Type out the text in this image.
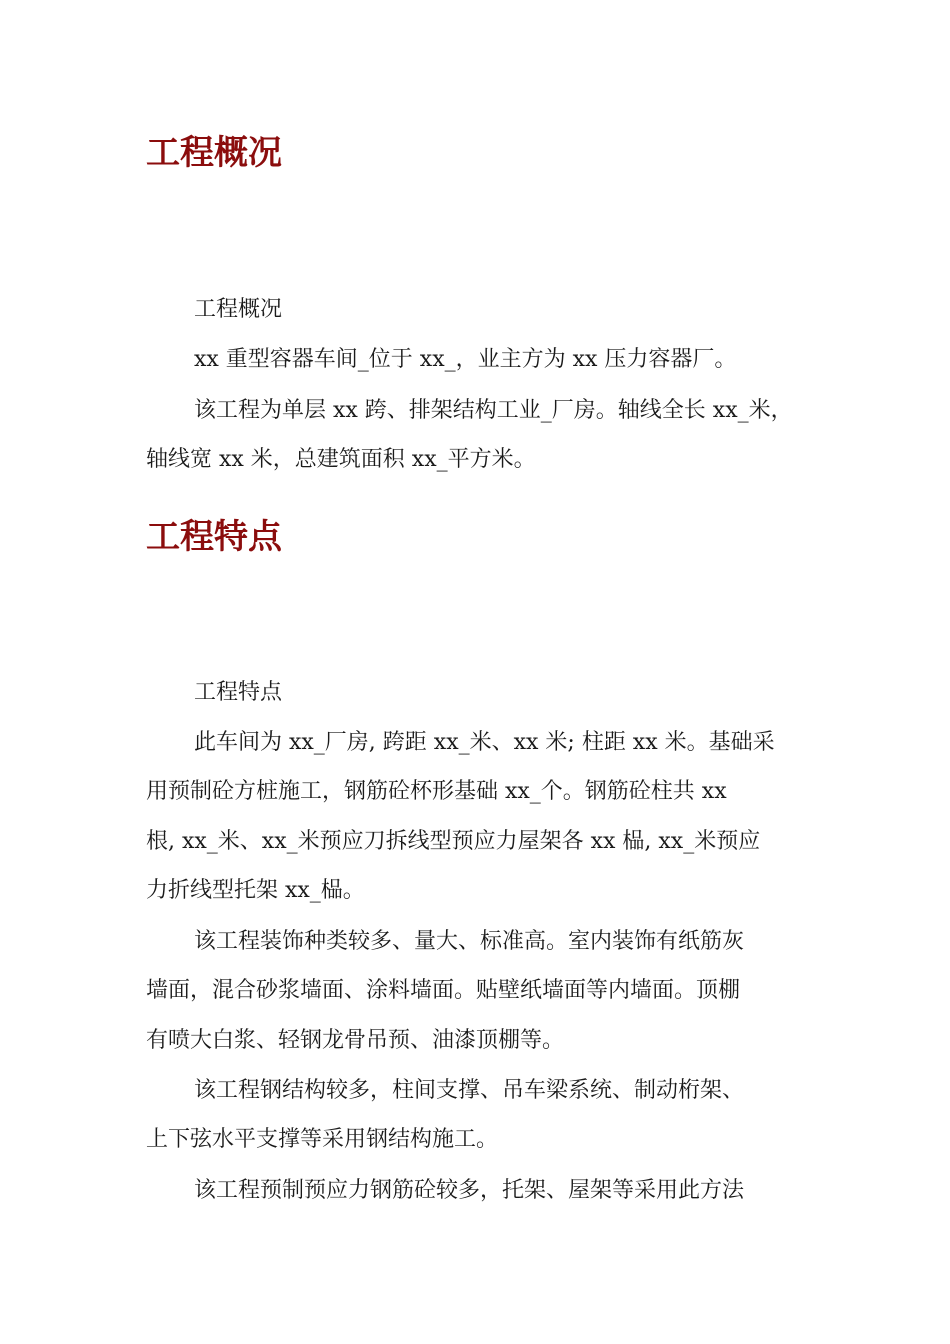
工程概况

工程概况

xx 重型容器车间_位于 xx_，业主方为 xx 压力容器厂。

该工程为单层 xx 跨、排架结构工业_厂房。轴线全长 xx_米，

轴线宽 xx 米，总建筑面积 xx_平方米。

工程特点

工程特点

此车间为 xx_厂房, 跨距 xx_米、xx 米; 柱距 xx 米。基础采

用预制砼方桩施工，钢筋砼杯形基础 xx_个。钢筋砼柱共 xx

根, xx_米、xx_米预应刀拆线型预应力屋架各 xx 榀, xx_米预应

力折线型托架 xx_榀。

该工程装饰种类较多、量大、标准高。室内装饰有纸筋灰

墙面，混合砂浆墙面、涂料墙面。贴壁纸墙面等内墙面。顶棚

有喷大白浆、轻钢龙骨吊预、油漆顶棚等。

该工程钢结构较多，柱间支撑、吊车梁系统、制动桁架、

上下弦水平支撑等采用钢结构施工。

该工程预制预应力钢筋砼较多，托架、屋架等采用此方法
